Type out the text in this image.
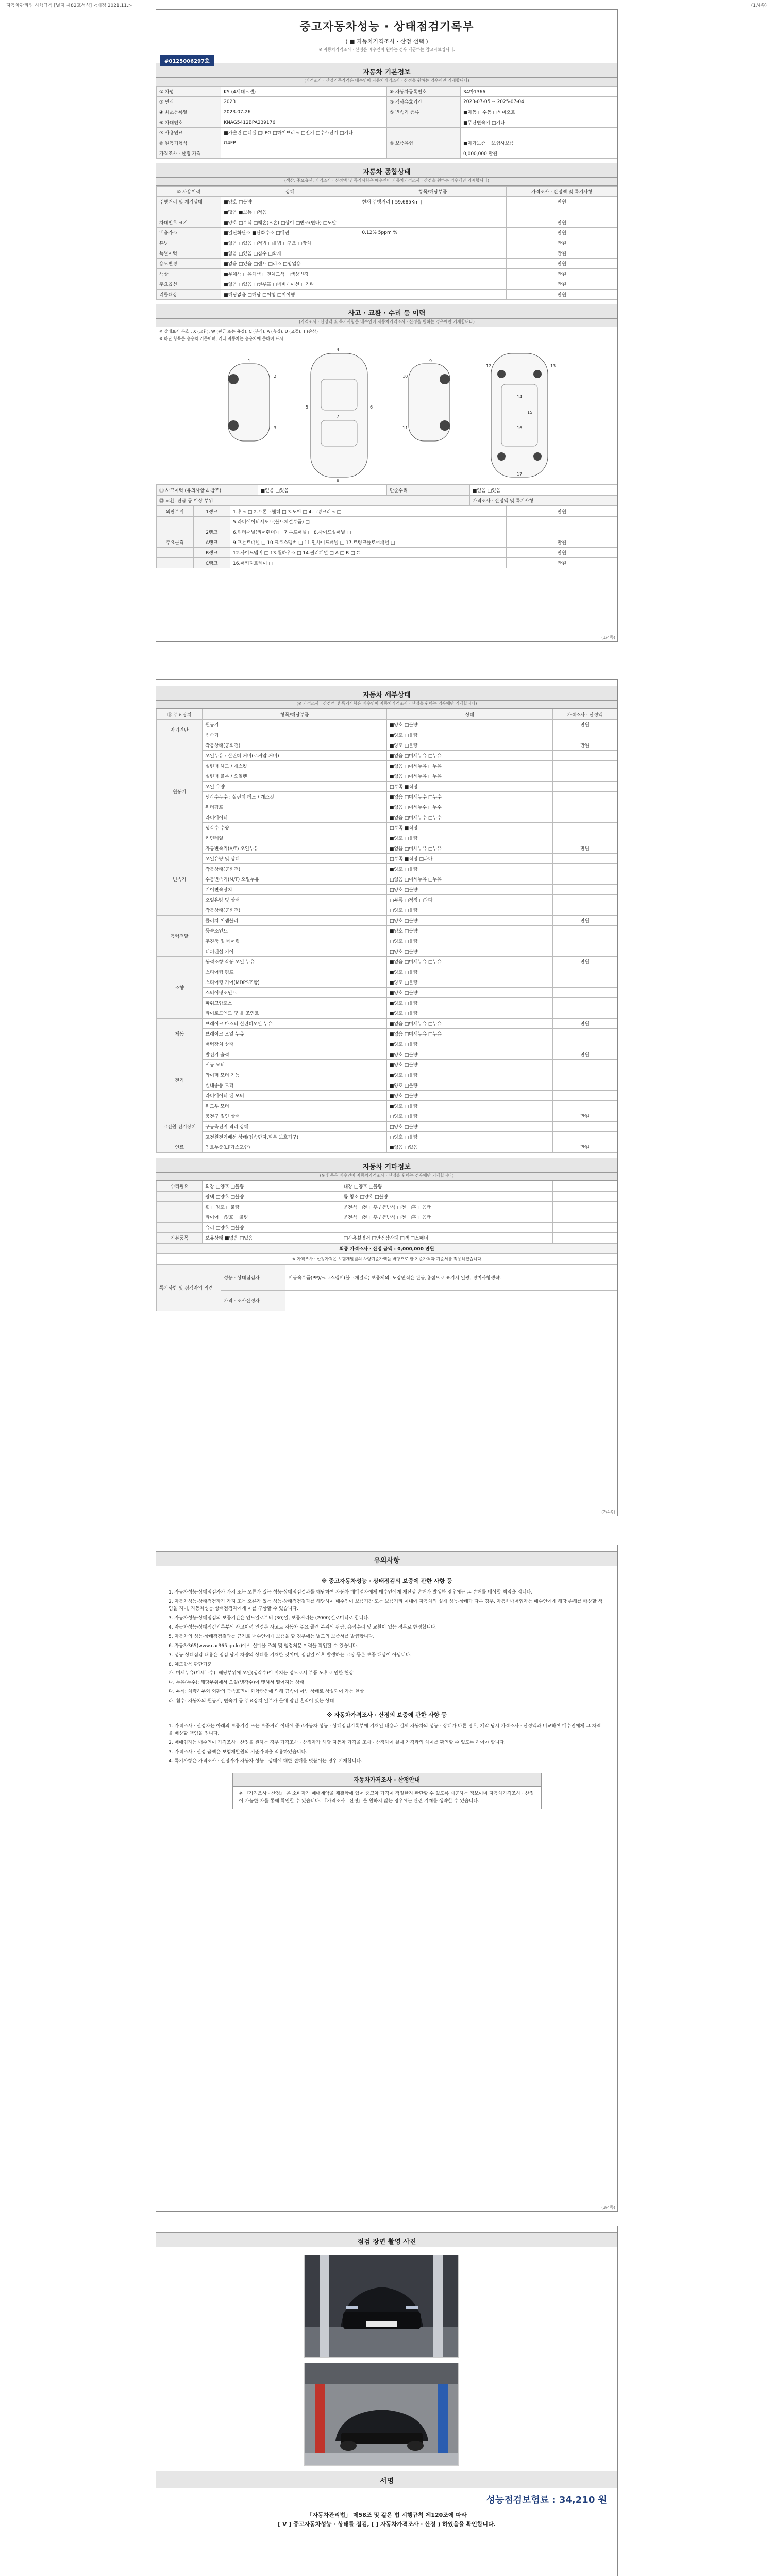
자동차관리법 시행규칙 [별지 제82호서식] <개정 2021.11.>	(1/4쪽)
중고자동차성능 · 상태점검기록부
( ■ 자동차가격조사 · 산정 선택 )
※ 자동차가격조사 · 산정은 매수인이 원하는 경우 제공하는 참고자료입니다.
#0125006297호
자동차 기본정보
(가격조사 · 산정기준가격은 매수인이 자동차가격조사 · 산정을 원하는 경우에만 기재합니다)
① 차명	K5 (4세대모델)	⑧ 자동차등록번호	34마1366
② 연식	2023	③ 검사유효기간	2023-07-05 ~ 2025-07-04
④ 최초등록일	2023-07-26	⑤ 변속기 종류	■자동 □수동 □세미오토
⑥ 차대번호	KNAG5412BPA239176		■무단변속기 □기타
⑦ 사용연료	■가솔린 □디젤 □LPG □하이브리드 □전기 □수소전기 □기타		
⑧ 원동기형식	G4FP	⑨ 보증유형	■자가보증 □보험사보증
가격조사 · 산정 가격			0,000,000 만원
자동차 종합상태
(색상, 주요옵션, 가격조사 · 산정액 및 특기사항은 매수인이 자동차가격조사 · 산정을 원하는 경우에만 기재합니다)
⑩ 사용이력	상태	항목/해당부품	가격조사 · 산정액 및 특기사항
주행거리 및 계기상태	■양호 □불량	현재 주행거리 [ 59,685Km ]	만원
	■많음 ■보통 □적음		
차대번호 표기	■양호 □부식 □훼손(오손) □상이 □변조(변타) □도말		만원
배출가스	■일산화탄소 ■탄화수소 □매연	0.12% 5ppm %	만원
튜닝	■없음 □있음 □적법 □불법 □구조 □장치		만원
특별이력	■없음 □있음 □침수 □화재		만원
용도변경	■없음 □있음 □렌트 □리스 □영업용		만원
색상	■무채색 □유채색 □전체도색 □색상변경		만원
주요옵션	■없음 □있음 □썬루프 □네비게이션 □기타		만원
리콜대상	■해당없음 □해당 □이행 □미이행		만원
사고 · 교환 · 수리 등 이력
(가격조사 · 산정액 및 특기사항은 매수인이 자동차가격조사 · 산정을 원하는 경우에만 기재합니다)
※ 상태표시 부호 : X (교환), W (판금 또는 용접), C (부식), A (흠집), U (요철), T (손상)
※ 하단 항목은 승용차 기준이며, 기타 자동차는 승용차에 준하여 표시
1
2
3
4
5	6
7
8
9
10
11
12	13
14
15
16
17
⑪ 사고이력 (유의사항 4 참조)	■없음 □있음	단순수리	■없음 □있음
⑫ 교환, 판금 등 이상 부위			가격조사 · 산정액 및 특기사항
외판부위	1랭크	1.후드 □ 2.프론트휀더 □ 3.도어 □ 4.트렁크리드 □	만원
		5.라디에이터서포트(볼트체결부품) □	
	2랭크	6.쿼터패널(리어휀더) □ 7.루프패널 □ 8.사이드실패널 □	
주요골격	A랭크	9.프론트패널 □ 10.크로스멤버 □ 11.인사이드패널 □ 17.트렁크플로어패널 □	만원
	B랭크	12.사이드멤버 □ 13.휠하우스 □ 14.필러패널 □ A □ B □ C	만원
	C랭크	16.패키지트레이 □	만원
(1/4쪽)
자동차 세부상태
(※ 가격조사 · 산정액 및 특기사항은 매수인이 자동차가격조사 · 산정을 원하는 경우에만 기재합니다)
⑬ 주요장치	항목/해당부품	상태	가격조사 · 산정액
자기진단	원동기	■양호 □불량	만원
	변속기	■양호 □불량	
원동기	작동상태(공회전)	■양호 □불량	만원
	오일누유 : 실린더 커버(로커암 커버)	■없음 □미세누유 □누유	
	실린더 헤드 / 개스킷	■없음 □미세누유 □누유	
	실린더 블록 / 오일팬	■없음 □미세누유 □누유	
	오일 유량	□부족 ■적정	
	냉각수누수 : 실린더 헤드 / 개스킷	■없음 □미세누수 □누수	
	워터펌프	■없음 □미세누수 □누수	
	라디에이터	■없음 □미세누수 □누수	
	냉각수 수량	□부족 ■적정	
	커먼레일	■양호 □불량	
변속기	자동변속기(A/T) 오일누유	■없음 □미세누유 □누유	만원
	오일유량 및 상태	□부족 ■적정 □과다	
	작동상태(공회전)	■양호 □불량	
	수동변속기(M/T) 오일누유	□없음 □미세누유 □누유	
	기어변속장치	□양호 □불량	
	오일유량 및 상태	□부족 □적정 □과다	
	작동상태(공회전)	□양호 □불량	
동력전달	클러치 어셈블리	□양호 □불량	만원
	등속조인트	■양호 □불량	
	추진축 및 베어링	□양호 □불량	
	디퍼렌셜 기어	□양호 □불량	
조향	동력조향 작동 오일 누유	■없음 □미세누유 □누유	만원
	스티어링 펌프	■양호 □불량	
	스티어링 기어(MDPS포함)	■양호 □불량	
	스티어링조인트	■양호 □불량	
	파워고압호스	■양호 □불량	
	타이로드엔드 및 볼 조인트	■양호 □불량	
제동	브레이크 마스터 실린더오일 누유	■없음 □미세누유 □누유	만원
	브레이크 오일 누유	■없음 □미세누유 □누유	
	배력장치 상태	■양호 □불량	
전기	발전기 출력	■양호 □불량	만원
	시동 모터	■양호 □불량	
	와이퍼 모터 기능	■양호 □불량	
	실내송풍 모터	■양호 □불량	
	라디에이터 팬 모터	■양호 □불량	
	윈도우 모터	■양호 □불량	
고전원 전기장치	충전구 절연 상태	□양호 □불량	만원
	구동축전지 격리 상태	□양호 □불량	
	고전원전기배선 상태(접속단자,피복,보호기구)	□양호 □불량	
연료	연료누출(LP가스포함)	■없음 □있음	만원
자동차 기타정보
(※ 항목은 매수인이 자동차가격조사 · 산정을 원하는 경우에만 기재합니다)
수리필요	외장 □양호 □불량	내장 □양호 □불량	
	광택 □양호 □불량	룸 청소 □양호 □불량	
	휠 □양호 □불량	운전석 □전 □후 / 동반석 □전 □후 □응급	
	타이어 □양호 □불량	운전석 □전 □후 / 동반석 □전 □후 □응급	
	유리 □양호 □불량		
기본품목	보유상태 ■없음 □있음	□사용설명서 □안전삼각대 □잭 □스패너	
최종 가격조사 · 산정 금액 : 0,000,000 만원
※ 가격조사 · 산정가격은 보험개발원의 차량기준가액을 바탕으로 한 기준가격과 기준서를 적용하였습니다
특기사항 및 점검자의 의견	성능 · 상태점검자	비금속부품(PP)/크로스멤버(볼트체결식) 보증제외, 도장면적은 판금,용접으로 표기시 일광, 경미사항생략.
	가격 · 조사산정자	
(2/4쪽)
유의사항
※ 중고자동차성능 · 상태점검의 보증에 관한 사항 등

1. 자동차성능·상태점검자가 가지 또는 오류가 있는 성능·상태점검결과를 해당하여 자동차 매매업자에게 매수인에게 재산상 손해가 발생한 경우에는 그 손해를 배상할 책임을 집니다.

2. 자동차성능·상태점검자가 가지 또는 오류가 있는 성능·상태점검결과를 해당하여 매수인이 보증기간 또는 보증거리 이내에 자동차의 실제 성능·상태가 다른 경우, 자동차매매업자는 매수인에게 해당 손해를 배상할 책임을 지며, 자동차성능·상태점검자에게 이를 구상할 수 있습니다.

3. 자동차성능·상태점검의 보증기간은 인도일로부터 (30)일, 보증거리는 (2000)킬로미터로 합니다.

4. 자동차성능·상태점검기록부의 사고이력 인정은 사고로 자동차 주요 골격 부위의 판금, 용접수리 및 교환이 있는 경우로 한정합니다.

5. 자동차의 성능·상태점검결과를 근거로 매수인에게 보증을 할 경우에는 별도의 보증서를 발급합니다.

6. 자동차365(www.car365.go.kr)에서 실매물 조회 및 행정처분 이력을 확인할 수 있습니다.

7. 성능·상태점검 내용은 점검 당시 차량의 상태를 기재한 것이며, 점검일 이후 발생하는 고장 등은 보증 대상이 아닙니다.

8. 체크항목 판단기준

가. 미세누유(미세누수): 해당부위에 오일(냉각수)이 비치는 정도로서 부품 노후로 인한 현상

나. 누유(누수): 해당부위에서 오일(냉각수)이 맺혀서 떨어지는 상태

다. 부식: 차량하부와 외판의 금속표면이 화학반응에 의해 금속이 아닌 상태로 상실되어 가는 현상

라. 침수: 자동차의 원동기, 변속기 등 주요장치 일부가 물에 잠긴 흔적이 있는 상태

※ 자동차가격조사 · 산정의 보증에 관한 사항 등

1. 가격조사 · 산정자는 아래의 보증기간 또는 보증거리 이내에 중고자동차 성능 · 상태점검기록부에 기재된 내용과 실제 자동차의 성능 · 상태가 다른 경우, 계약 당시 가격조사 · 산정액과 비교하여 매수인에게 그 차액을 배상할 책임을 집니다.

2. 매매업자는 매수인이 가격조사 · 산정을 원하는 경우 가격조사 · 산정자가 해당 자동차 가격을 조사 · 산정하여 실제 가격과의 차이를 확인할 수 있도록 하여야 합니다.

3. 가격조사 · 산정 금액은 보험개발원의 기준가격을 적용하였습니다.

4. 특기사항은 가격조사 · 산정자가 자동차 성능 · 상태에 대한 견해를 덧붙이는 경우 기재합니다.

자동차가격조사 · 산정안내
※ 『가격조사 · 산정』 은 소비자가 매매계약을 체결함에 있어 중고차 가격이 적절한지 판단할 수 있도록 제공하는 정보이며 자동차가격조사 · 산정이 가능한 자를 통해 확인할 수 있습니다. 『가격조사 · 산정』을 원하지 않는 경우에는 관련 기재를 생략할 수 있습니다.
(3/4쪽)
점검 장면 촬영 사진
서명
성능점검보험료 : 34,210 원
「자동차관리법」 제58조 및 같은 법 시행규칙 제120조에 따라
[ V ] 중고자동차성능 · 상태를 점검, [ ] 자동차가격조사 · 산정 ) 하였음을 확인합니다.
